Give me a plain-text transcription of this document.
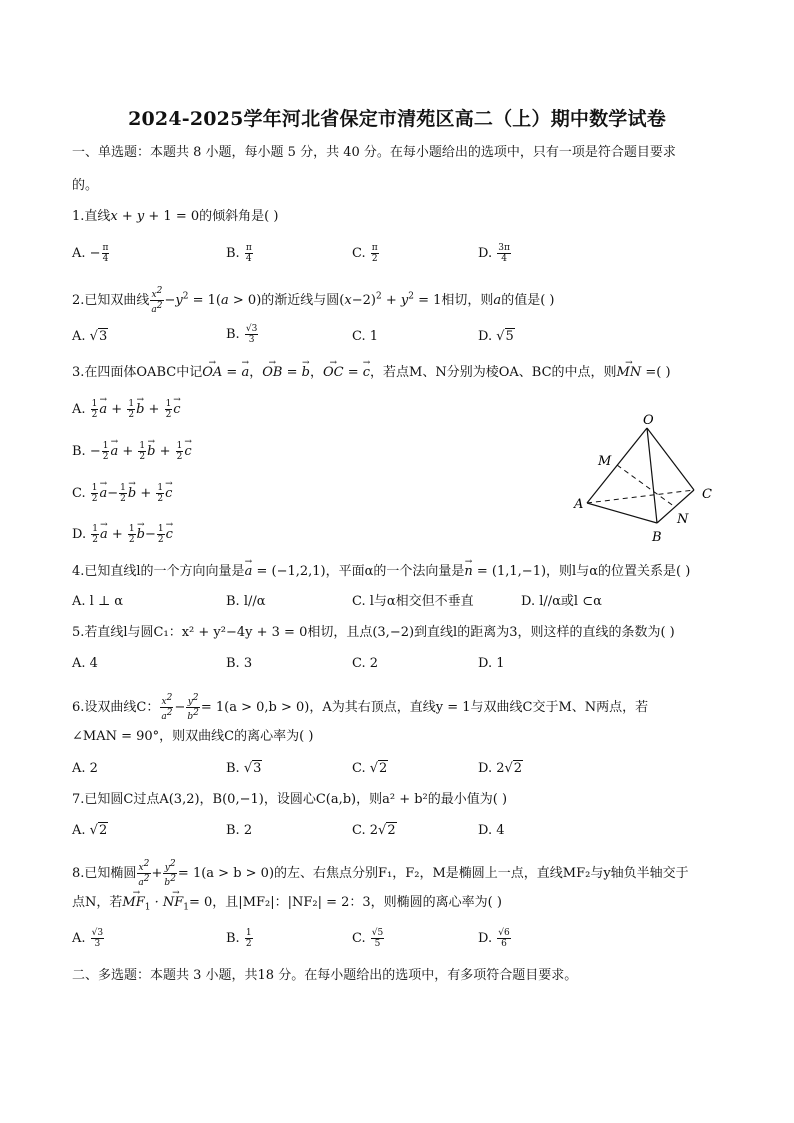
2024-2025学年河北省保定市清苑区高二（上）期中数学试卷
一、单选题：本题共 8 小题，每小题 5 分，共 40 分。在每小题给出的选项中，只有一项是符合题目要求
的。
1.直线x + y + 1 = 0的倾斜角是( )
A. − $\frac{\pi}{4}$	B. $\frac{\pi}{4}$	C. $\frac{\pi}{2}$	D. $\frac{3\pi}{4}$
2.已知双曲线 $\frac{x^2}{a^2} -y^2 = 1(a > 0)$的渐近线与圆$(x-2)^2 + y^2 = 1$相切，则a的值是( )
A. √3	B. $\frac{√3}{3}$	C. 1	D. √5
3.在四面体OABC中记→ OA = → a，→ OB = → b，→ OC = → c，若点M、N分别为棱OA、BC的中点，则→ MN =( )
A. $\frac{1}{2}$
→ $a + \frac{1}{2}$
→ $b + \frac{1}{2}$
→ c
B. − $\frac{1}{2}$
→ $a + \frac{1}{2}$
→ $b + \frac{1}{2}$
→ c
C. $\frac{1}{2}$
→ $a- \frac{1}{2}$
→ $b + \frac{1}{2}$
→ c
D. $\frac{1}{2}$
→ $a + \frac{1}{2}$
→ $b- \frac{1}{2}$
→ c
O
M
C
A
N
B
4.已知直线l的一个方向向量是→ a = (−1,2,1)，平面α的一个法向量是→ n = (1,1,−1)，则l与α的位置关系是( )
A. l ⊥ α	B. l//α	C. l与α相交但不垂直	D. l//α或l ⊂α
5.若直线l与圆C₁：x² + y²−4y + 3 = 0相切，且点(3,−2)到直线l的距离为3，则这样的直线的条数为( )
A. 4	B. 3	C. 2	D. 1
6.设双曲线C： $\frac{x^2}{a^2} - \frac{y^2}{b^2} = 1(a > 0,b > 0)$，A为其右顶点，直线y = 1与双曲线C交于M、N两点，若
∠MAN = 90°，则双曲线C的离心率为( )
A. 2	B. √3	C. √2	D. 2√2
7.已知圆C过点A(3,2)，B(0,−1)，设圆心C(a,b)，则a² + b²的最小值为( )
A. √2	B. 2	C. 2√2	D. 4
8.已知椭圆 $\frac{x^2}{a^2} + \frac{y^2}{b^2} = 1(a > b > 0)$的左、右焦点分别F₁，F₂，M是椭圆上一点，直线MF₂与y轴负半轴交于
点N，若→ $MF_1$ · → $NF_1= 0$，且|MF₂|：|NF₂| = 2：3，则椭圆的离心率为( )
A. $\frac{√3}{3}$	B. $\frac{1}{2}$	C. $\frac{√5}{5}$	D. $\frac{√6}{6}$
二、多选题：本题共 3 小题，共18 分。在每小题给出的选项中，有多项符合题目要求。
